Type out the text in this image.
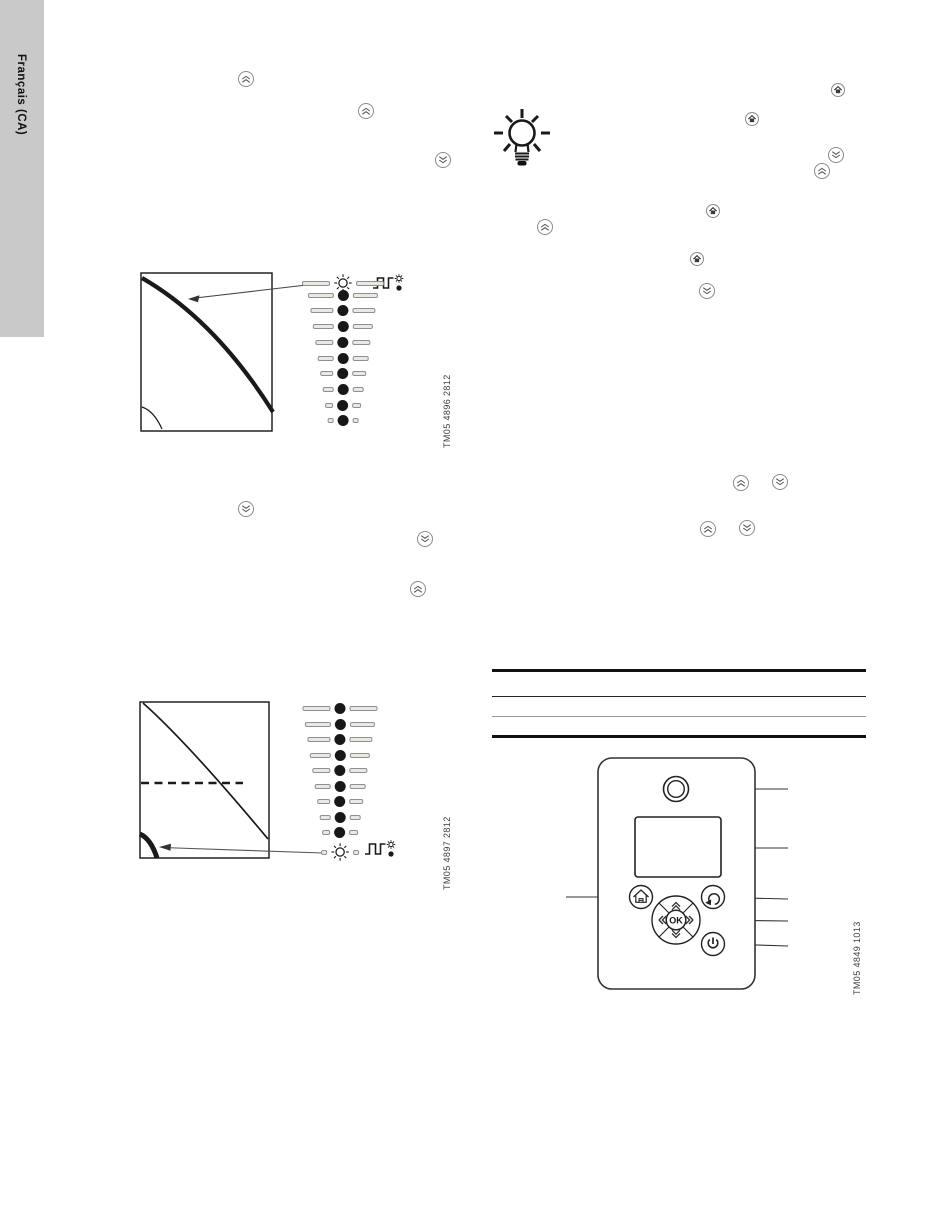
Français (CA)
TM05 4896 2812
TM05 4897 2812
TM05 4849 1013
OK
